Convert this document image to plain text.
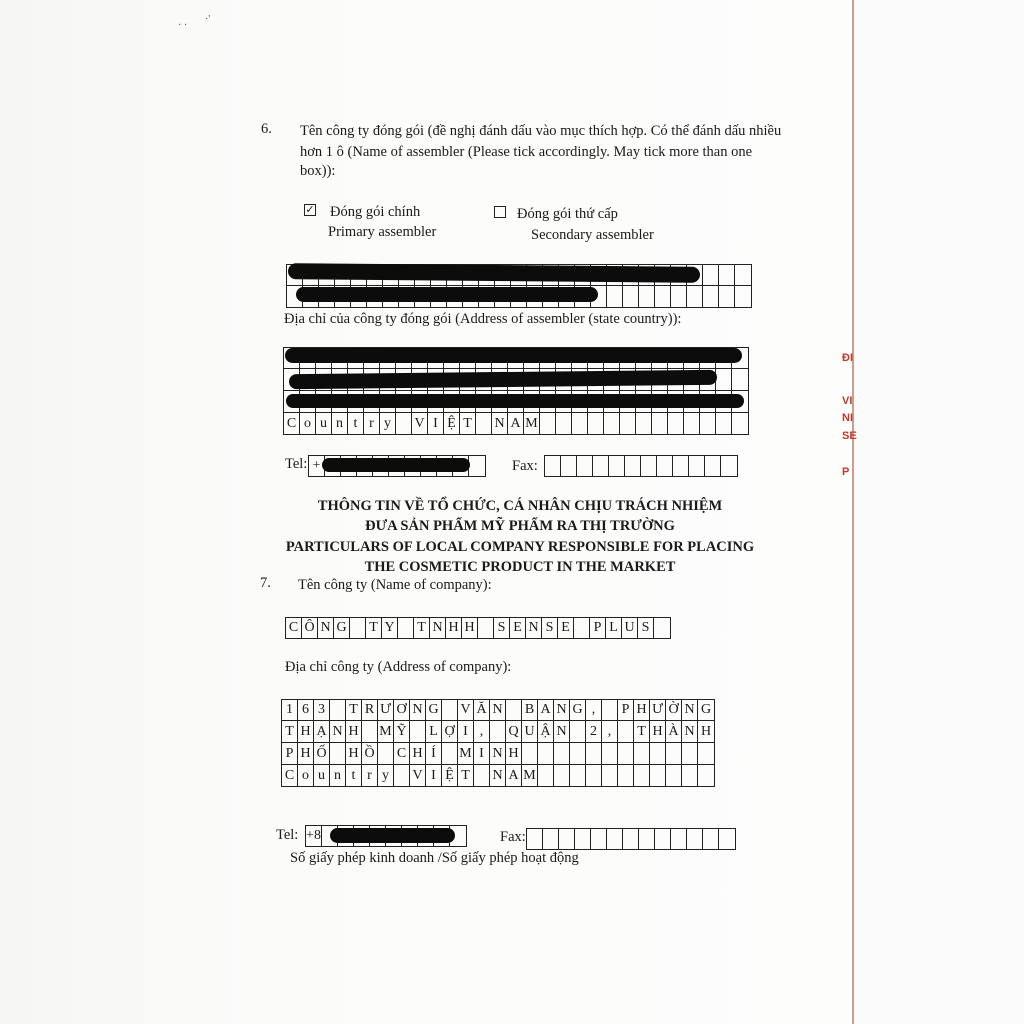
ĐI
VI
NI
SE
P
· ·
·'
6. Tên công ty đóng gói (đề nghị đánh dấu vào mục thích hợp. Có thể đánh dấu nhiều
hơn 1 ô (Name of assembler (Please tick accordingly. May tick more than one
box)):
✓ Đóng gói chính
Primary assembler
Đóng gói thứ cấp
Secondary assembler
Địa chỉ của công ty đóng gói (Address of assembler (state country)):
C o u n t r y	V I Ệ T	N A M
Tel: +	Fax:
THÔNG TIN VỀ TỔ CHỨC, CÁ NHÂN CHỊU TRÁCH NHIỆM
ĐƯA SẢN PHẨM MỸ PHẨM RA THỊ TRƯỜNG
PARTICULARS OF LOCAL COMPANY RESPONSIBLE FOR PLACING
THE COSMETIC PRODUCT IN THE MARKET
7. Tên công ty (Name of company):
C Ô N G T Y T N H H S E N S E	P L U S
Địa chỉ công ty (Address of company):
1 6 3	T R Ư Ơ N G V Ă N B A N G ,	P H Ư Ờ N G
T H Ạ N H M Ỹ L Ợ I ,	Q U Ậ N 2 ,	T H À N H
P H Ố H Ồ C H Í	M I N H
C o u n t r y	V I Ệ T	N A M
Tel: +8	Fax:
Số giấy phép kinh doanh /Số giấy phép hoạt động
